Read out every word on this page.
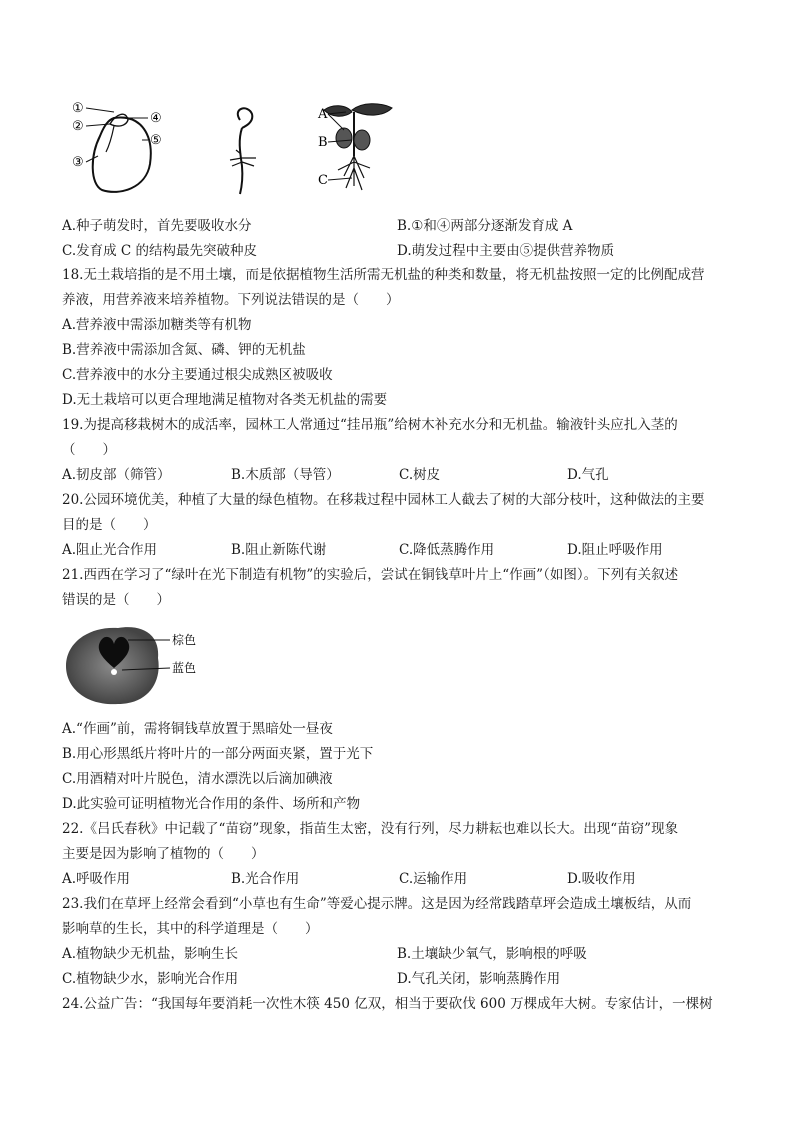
①
②
③
④
⑤
A
B
C
A.种子萌发时，首先要吸收水分	B.①和④两部分逐渐发育成 A
C.发育成 C 的结构最先突破种皮	D.萌发过程中主要由⑤提供营养物质
18.无土栽培指的是不用土壤，而是依据植物生活所需无机盐的种类和数量，将无机盐按照一定的比例配成营
养液，用营养液来培养植物。下列说法错误的是（　　）
A.营养液中需添加糖类等有机物
B.营养液中需添加含氮、磷、钾的无机盐
C.营养液中的水分主要通过根尖成熟区被吸收
D.无土栽培可以更合理地满足植物对各类无机盐的需要
19.为提高移栽树木的成活率，园林工人常通过“挂吊瓶”给树木补充水分和无机盐。输液针头应扎入茎的
（　　）
A.韧皮部（筛管）	B.木质部（导管）	C.树皮	D.气孔
20.公园环境优美，种植了大量的绿色植物。在移栽过程中园林工人截去了树的大部分枝叶，这种做法的主要
目的是（　　）
A.阻止光合作用	B.阻止新陈代谢	C.降低蒸腾作用	D.阻止呼吸作用
21.西西在学习了“绿叶在光下制造有机物”的实验后，尝试在铜钱草叶片上“作画”（如图）。下列有关叙述
错误的是（　　）
棕色
蓝色
A.“作画”前，需将铜钱草放置于黑暗处一昼夜
B.用心形黑纸片将叶片的一部分两面夹紧，置于光下
C.用酒精对叶片脱色，清水漂洗以后滴加碘液
D.此实验可证明植物光合作用的条件、场所和产物
22.《吕氏春秋》中记载了“苗窃”现象，指苗生太密，没有行列，尽力耕耘也难以长大。出现“苗窃”现象
主要是因为影响了植物的（　　）
A.呼吸作用	B.光合作用	C.运输作用	D.吸收作用
23.我们在草坪上经常会看到“小草也有生命”等爱心提示牌。这是因为经常践踏草坪会造成土壤板结，从而
影响草的生长，其中的科学道理是（　　）
A.植物缺少无机盐，影响生长	B.土壤缺少氧气，影响根的呼吸
C.植物缺少水，影响光合作用	D.气孔关闭，影响蒸腾作用
24.公益广告：“我国每年要消耗一次性木筷 450 亿双，相当于要砍伐 600 万棵成年大树。专家估计，一棵树
